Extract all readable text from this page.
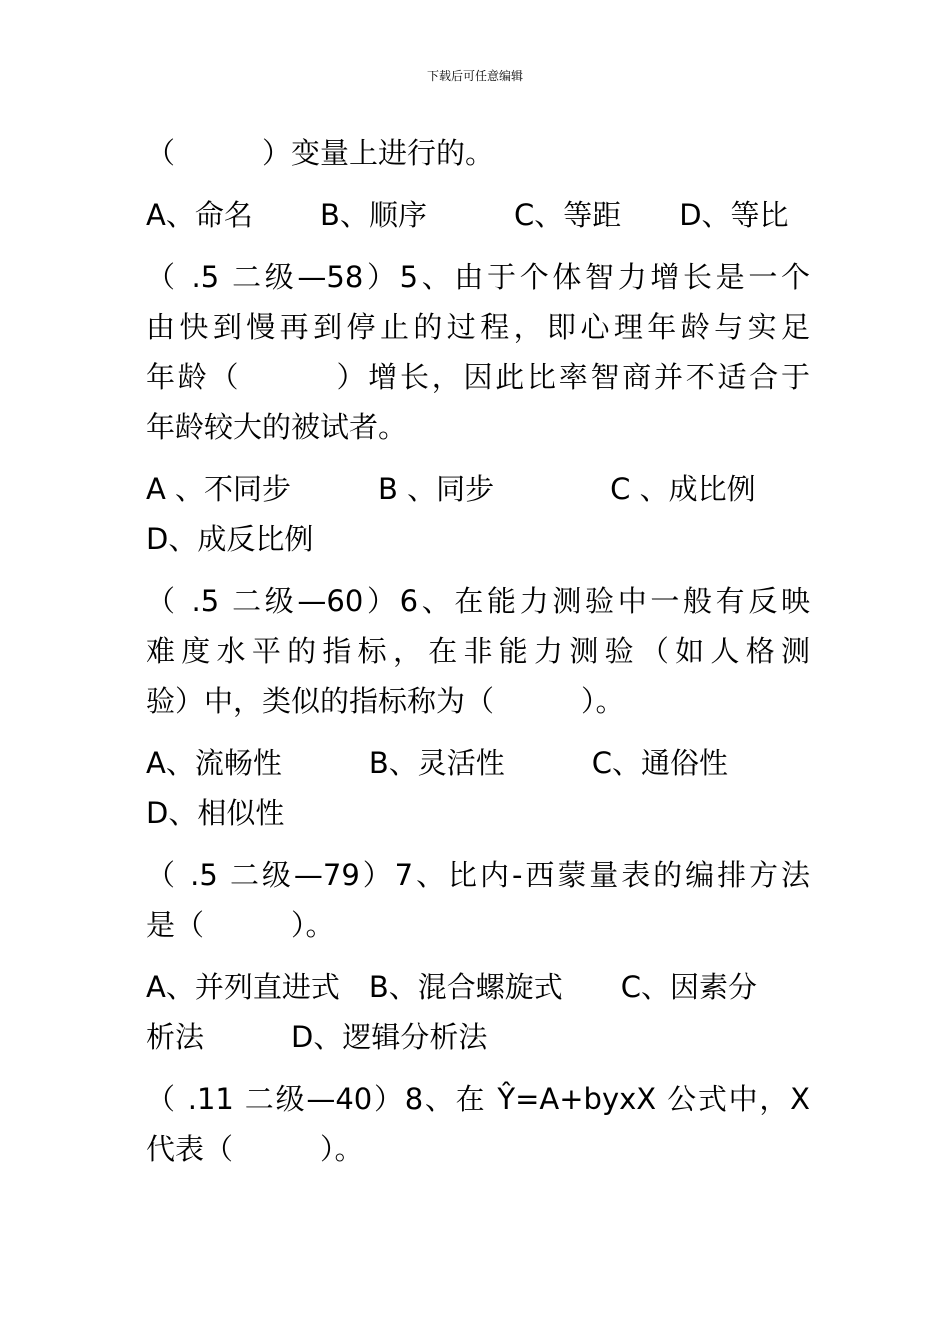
下载后可任意编辑
（　　　）变量上进行的。
A、命名　　 B、顺序　　　C、等距　　D、等比
（ .5 二级—58）5、由于个体智力增长是一个
由快到慢再到停止的过程，即心理年龄与实足
年龄（　　　）增长，因此比率智商并不适合于
年龄较大的被试者。
A 、不同步　　　B 、同步　　　　C 、成比例
D、成反比例
（ .5 二级—60）6、在能力测验中一般有反映
难度水平的指标，在非能力测验（如人格测
验）中，类似的指标称为（　　　）。
A、流畅性　　　B、灵活性　　　C、通俗性
D、相似性
（ .5 二级—79）7、比内-西蒙量表的编排方法
是（　　　）。
A、并列直进式　B、混合螺旋式　　C、因素分
析法　　　D、逻辑分析法
（ .11 二级—40）8、在 Ŷ=A+byxX 公式中，X
代表（　　　）。
